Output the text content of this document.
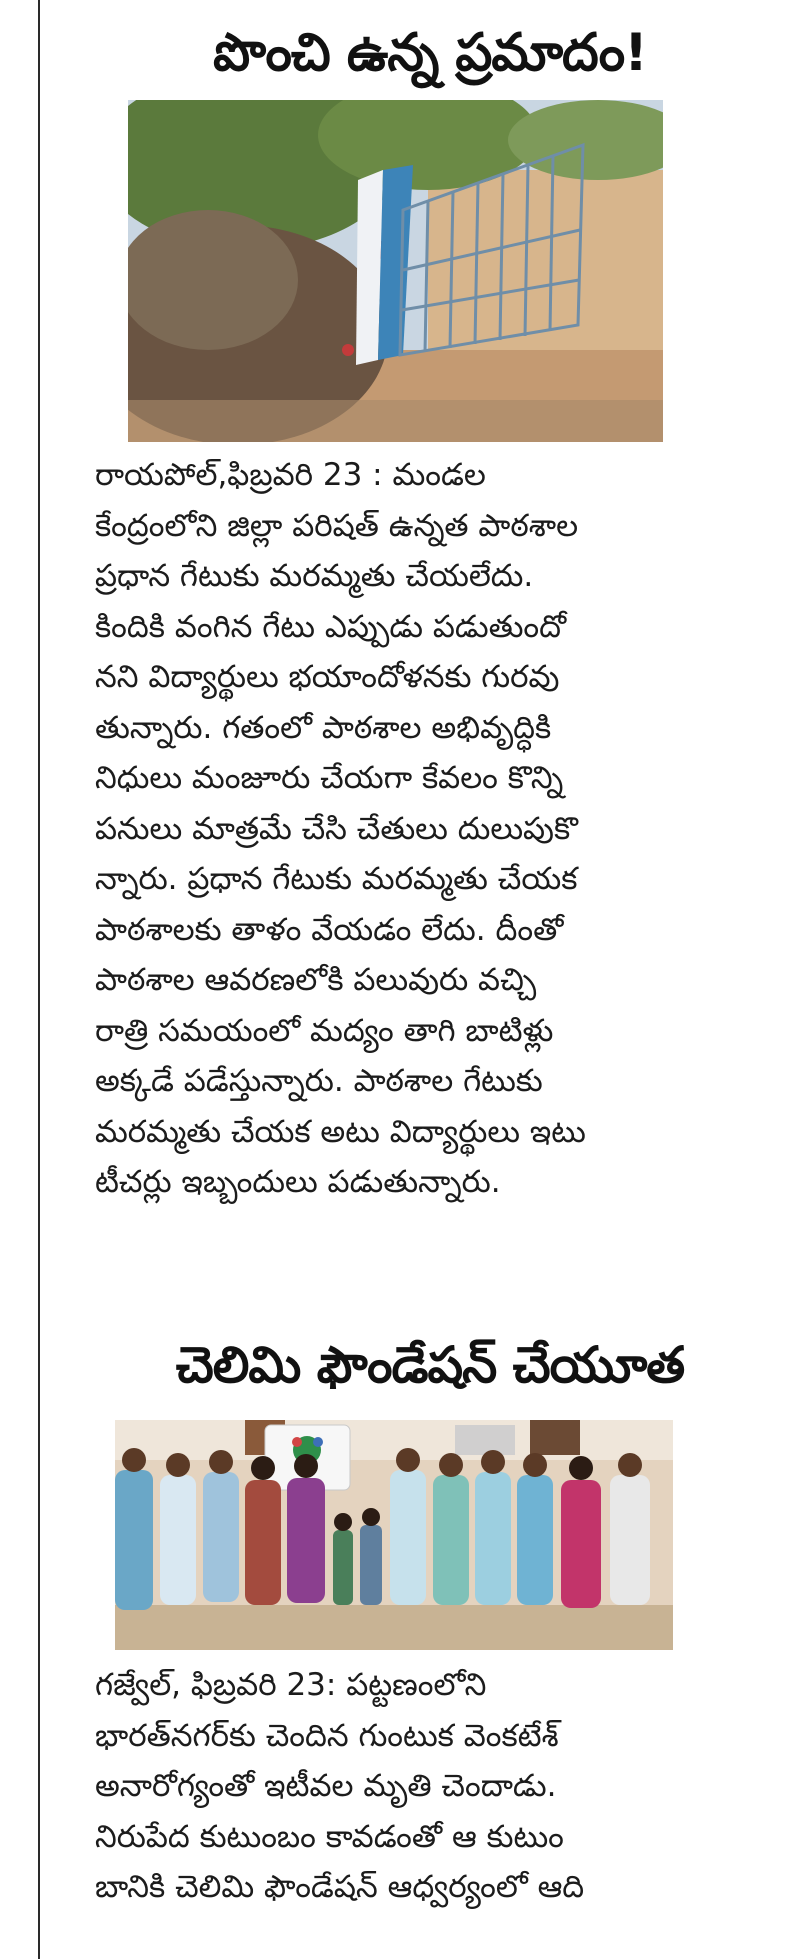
పొంచి ఉన్న ప్రమాదం!
రాయపోల్,ఫిబ్రవరి 23 : మండల
కేంద్రంలోని జిల్లా పరిషత్ ఉన్నత పాఠశాల
ప్రధాన గేటుకు మరమ్మతు చేయలేదు.
కిందికి వంగిన గేటు ఎప్పుడు పడుతుందో
నని విద్యార్థులు భయాందోళనకు గురవు
తున్నారు. గతంలో పాఠశాల అభివృద్ధికి
నిధులు మంజూరు చేయగా కేవలం కొన్ని
పనులు మాత్రమే చేసి చేతులు దులుపుకొ
న్నారు. ప్రధాన గేటుకు మరమ్మతు చేయక
పాఠశాలకు తాళం వేయడం లేదు. దీంతో
పాఠశాల ఆవరణలోకి పలువురు వచ్చి
రాత్రి సమయంలో మద్యం తాగి బాటిళ్లు
అక్కడే పడేస్తున్నారు. పాఠశాల గేటుకు
మరమ్మతు చేయక అటు విద్యార్థులు ఇటు
టీచర్లు ఇబ్బందులు పడుతున్నారు.
చెలిమి ఫౌండేషన్ చేయూత
గజ్వేల్, ఫిబ్రవరి 23: పట్టణంలోని
భారత్‌నగర్‌కు చెందిన గుంటుక వెంకటేశ్
అనారోగ్యంతో ఇటీవల మృతి చెందాడు.
నిరుపేద కుటుంబం కావడంతో ఆ కుటుం
బానికి చెలిమి ఫౌండేషన్ ఆధ్వర్యంలో ఆది
